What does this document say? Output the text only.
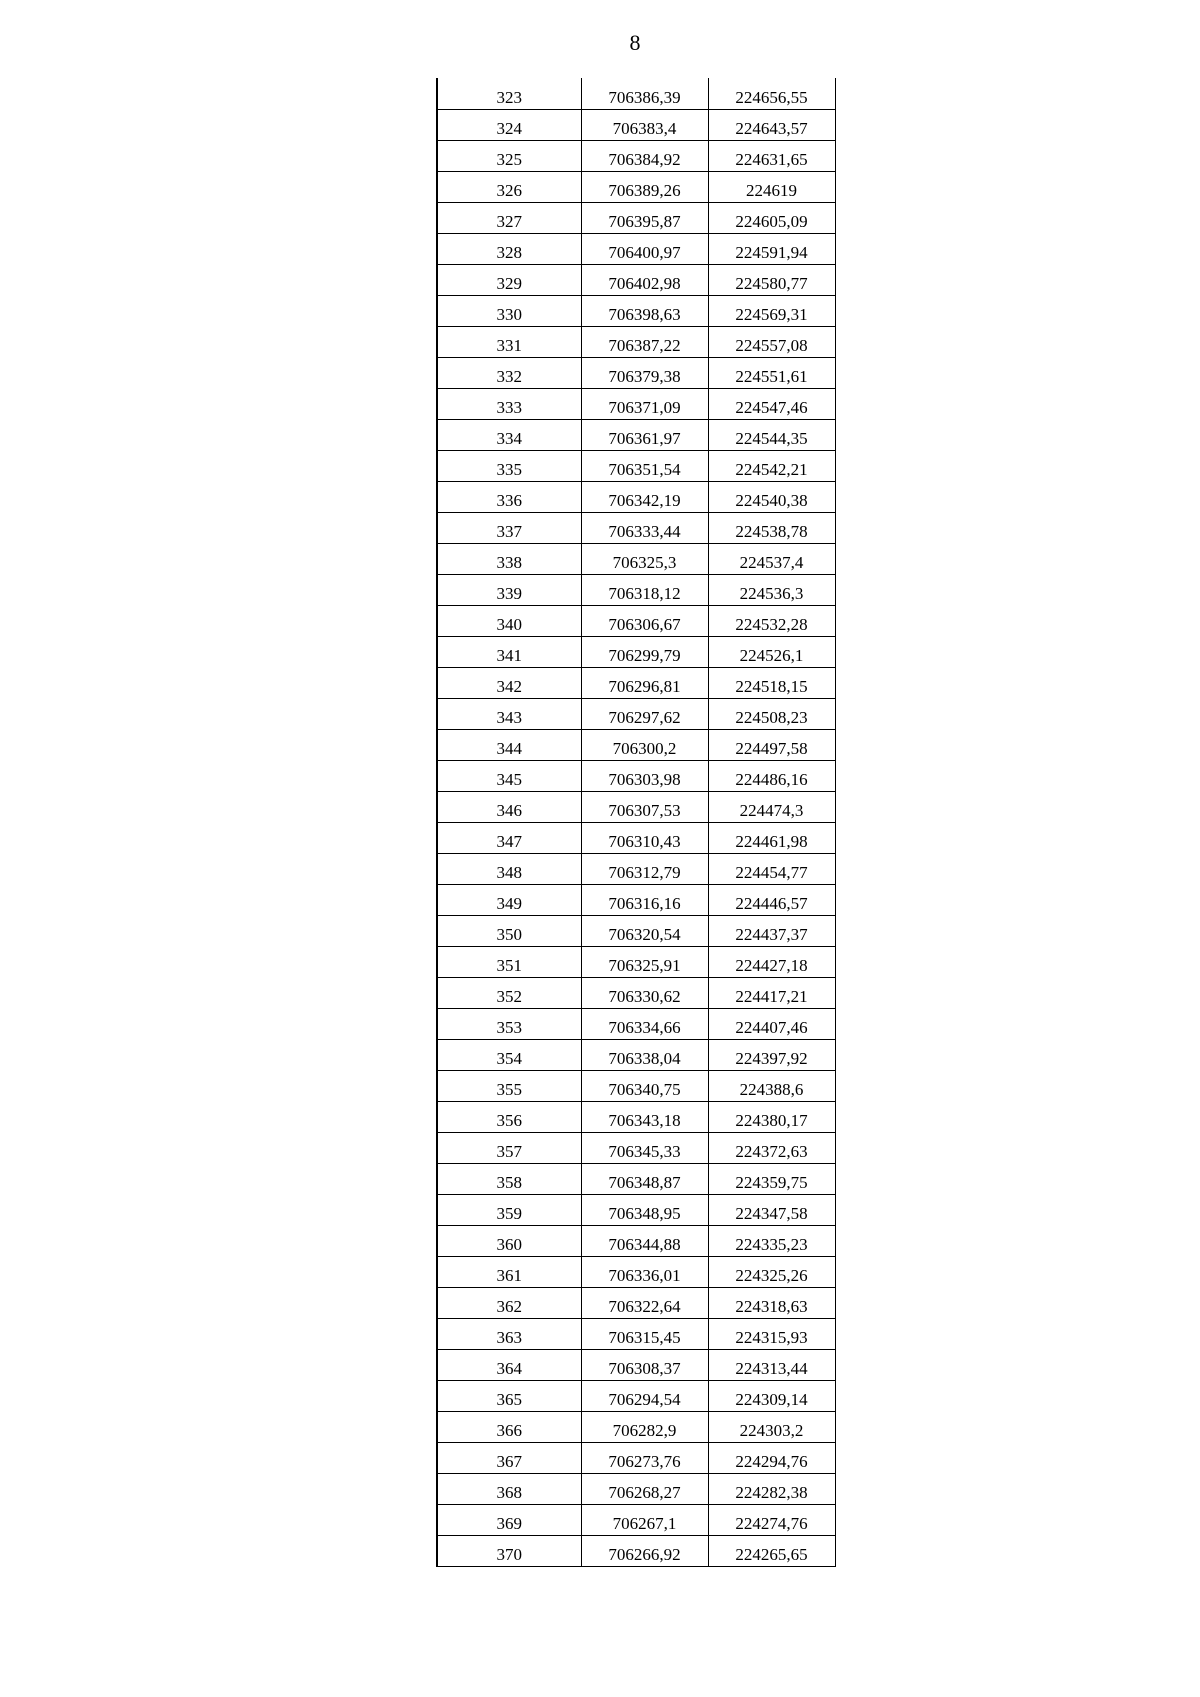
8
323	706386,39	224656,55
324	706383,4	224643,57
325	706384,92	224631,65
326	706389,26	224619
327	706395,87	224605,09
328	706400,97	224591,94
329	706402,98	224580,77
330	706398,63	224569,31
331	706387,22	224557,08
332	706379,38	224551,61
333	706371,09	224547,46
334	706361,97	224544,35
335	706351,54	224542,21
336	706342,19	224540,38
337	706333,44	224538,78
338	706325,3	224537,4
339	706318,12	224536,3
340	706306,67	224532,28
341	706299,79	224526,1
342	706296,81	224518,15
343	706297,62	224508,23
344	706300,2	224497,58
345	706303,98	224486,16
346	706307,53	224474,3
347	706310,43	224461,98
348	706312,79	224454,77
349	706316,16	224446,57
350	706320,54	224437,37
351	706325,91	224427,18
352	706330,62	224417,21
353	706334,66	224407,46
354	706338,04	224397,92
355	706340,75	224388,6
356	706343,18	224380,17
357	706345,33	224372,63
358	706348,87	224359,75
359	706348,95	224347,58
360	706344,88	224335,23
361	706336,01	224325,26
362	706322,64	224318,63
363	706315,45	224315,93
364	706308,37	224313,44
365	706294,54	224309,14
366	706282,9	224303,2
367	706273,76	224294,76
368	706268,27	224282,38
369	706267,1	224274,76
370	706266,92	224265,65
